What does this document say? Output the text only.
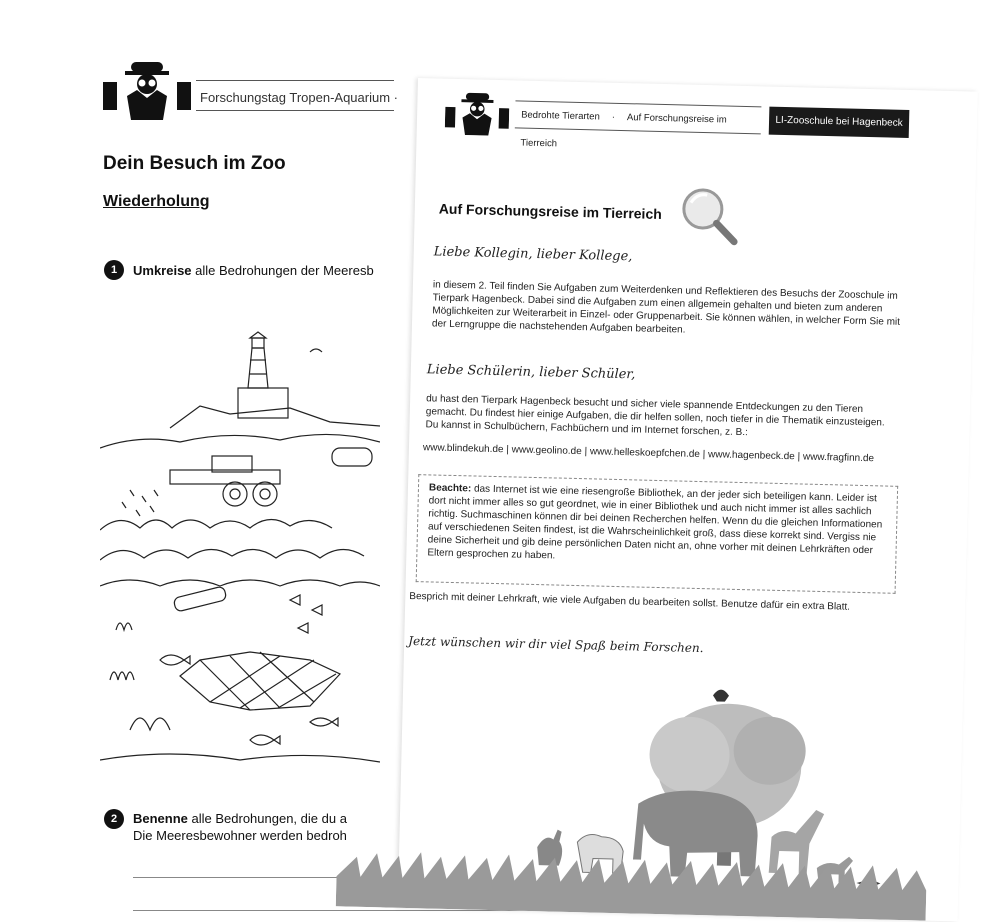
Forschungstag Tropen-Aquarium ·
Dein Besuch im Zoo
Wiederholung
1	Umkreise alle Bedrohungen der Meeresb
2	Benenne alle Bedrohungen, die du a
Die Meeresbewohner werden bedroh
Bedrohte Tierarten · Auf Forschungsreise im Tierreich
LI-Zooschule bei Hagenbeck
Auf Forschungsreise im Tierreich
Liebe Kollegin, lieber Kollege,
in diesem 2. Teil finden Sie Aufgaben zum Weiterdenken und Reflektieren des Besuchs der Zooschule im Tierpark Hagenbeck. Dabei sind die Aufgaben zum einen allgemein gehalten und bieten zum anderen Möglichkeiten zur Weiterarbeit in Einzel- oder Gruppenarbeit. Sie können wählen, in welcher Form Sie mit der Lerngruppe die nachstehenden Aufgaben bearbeiten.
Liebe Schülerin, lieber Schüler,
du hast den Tierpark Hagenbeck besucht und sicher viele spannende Entdeckungen zu den Tieren gemacht. Du findest hier einige Aufgaben, die dir helfen sollen, noch tiefer in die Thematik einzusteigen. Du kannst in Schulbüchern, Fachbüchern und im Internet forschen, z. B.:
www.blindekuh.de | www.geolino.de | www.helleskoepfchen.de | www.hagenbeck.de | www.fragfinn.de
Beachte: das Internet ist wie eine riesengroße Bibliothek, an der jeder sich beteiligen kann. Leider ist dort nicht immer alles so gut geordnet, wie in einer Bibliothek und auch nicht immer ist alles sachlich richtig. Suchmaschinen können dir bei deinen Recherchen helfen. Wenn du die gleichen Informationen auf verschiedenen Seiten findest, ist die Wahrscheinlichkeit groß, dass diese korrekt sind. Vergiss nie deine Sicherheit und gib deine persönlichen Daten nicht an, ohne vorher mit deinen Lehrkräften oder Eltern gesprochen zu haben.
Besprich mit deiner Lehrkraft, wie viele Aufgaben du bearbeiten sollst. Benutze dafür ein extra Blatt.
Jetzt wünschen wir dir viel Spaß beim Forschen.
